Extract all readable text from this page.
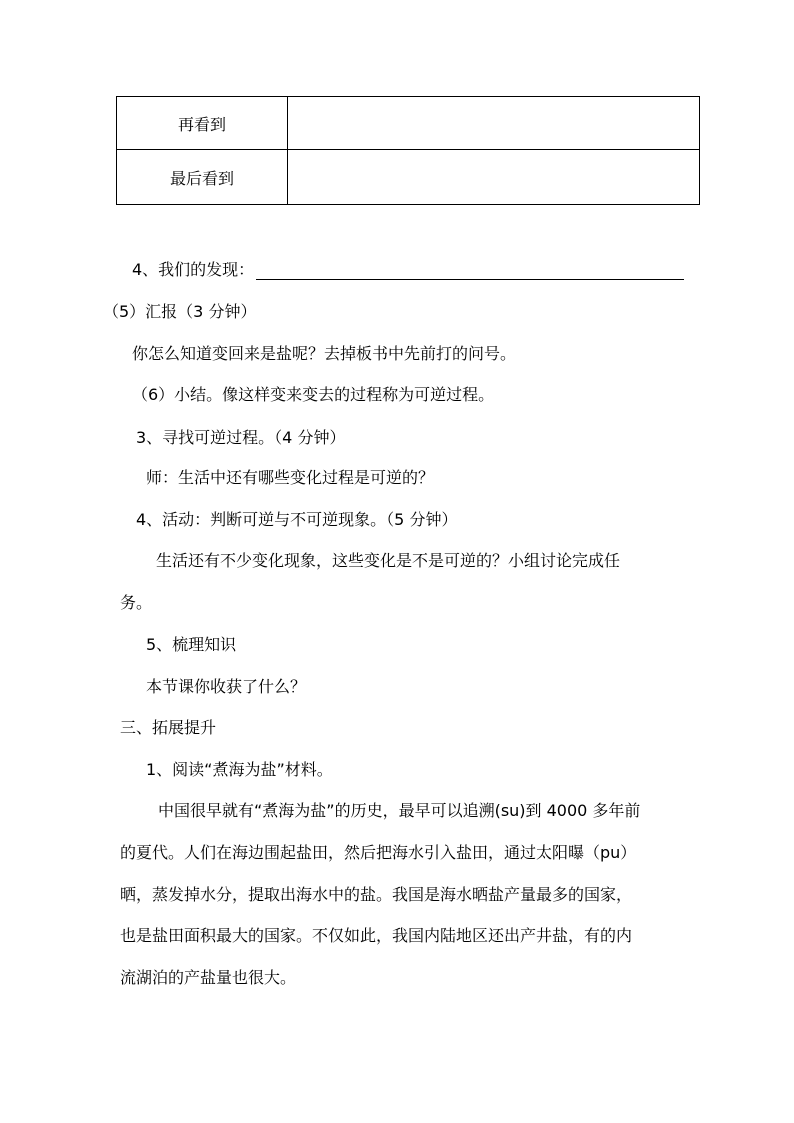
再看到	
最后看到	
4、我们的发现：
（5）汇报（3 分钟）
你怎么知道变回来是盐呢？去掉板书中先前打的问号。
（6）小结。像这样变来变去的过程称为可逆过程。
3、寻找可逆过程。（4 分钟）
师：生活中还有哪些变化过程是可逆的？
4、活动：判断可逆与不可逆现象。（5 分钟）
生活还有不少变化现象，这些变化是不是可逆的？小组讨论完成任
务。
5、梳理知识
本节课你收获了什么？
三、拓展提升
1、阅读“煮海为盐”材料。
中国很早就有“煮海为盐”的历史，最早可以追溯(su)到 4000 多年前
的夏代。人们在海边围起盐田，然后把海水引入盐田，通过太阳曝（pu）
晒，蒸发掉水分，提取出海水中的盐。我国是海水晒盐产量最多的国家，
也是盐田面积最大的国家。不仅如此，我国内陆地区还出产井盐，有的内
流湖泊的产盐量也很大。
